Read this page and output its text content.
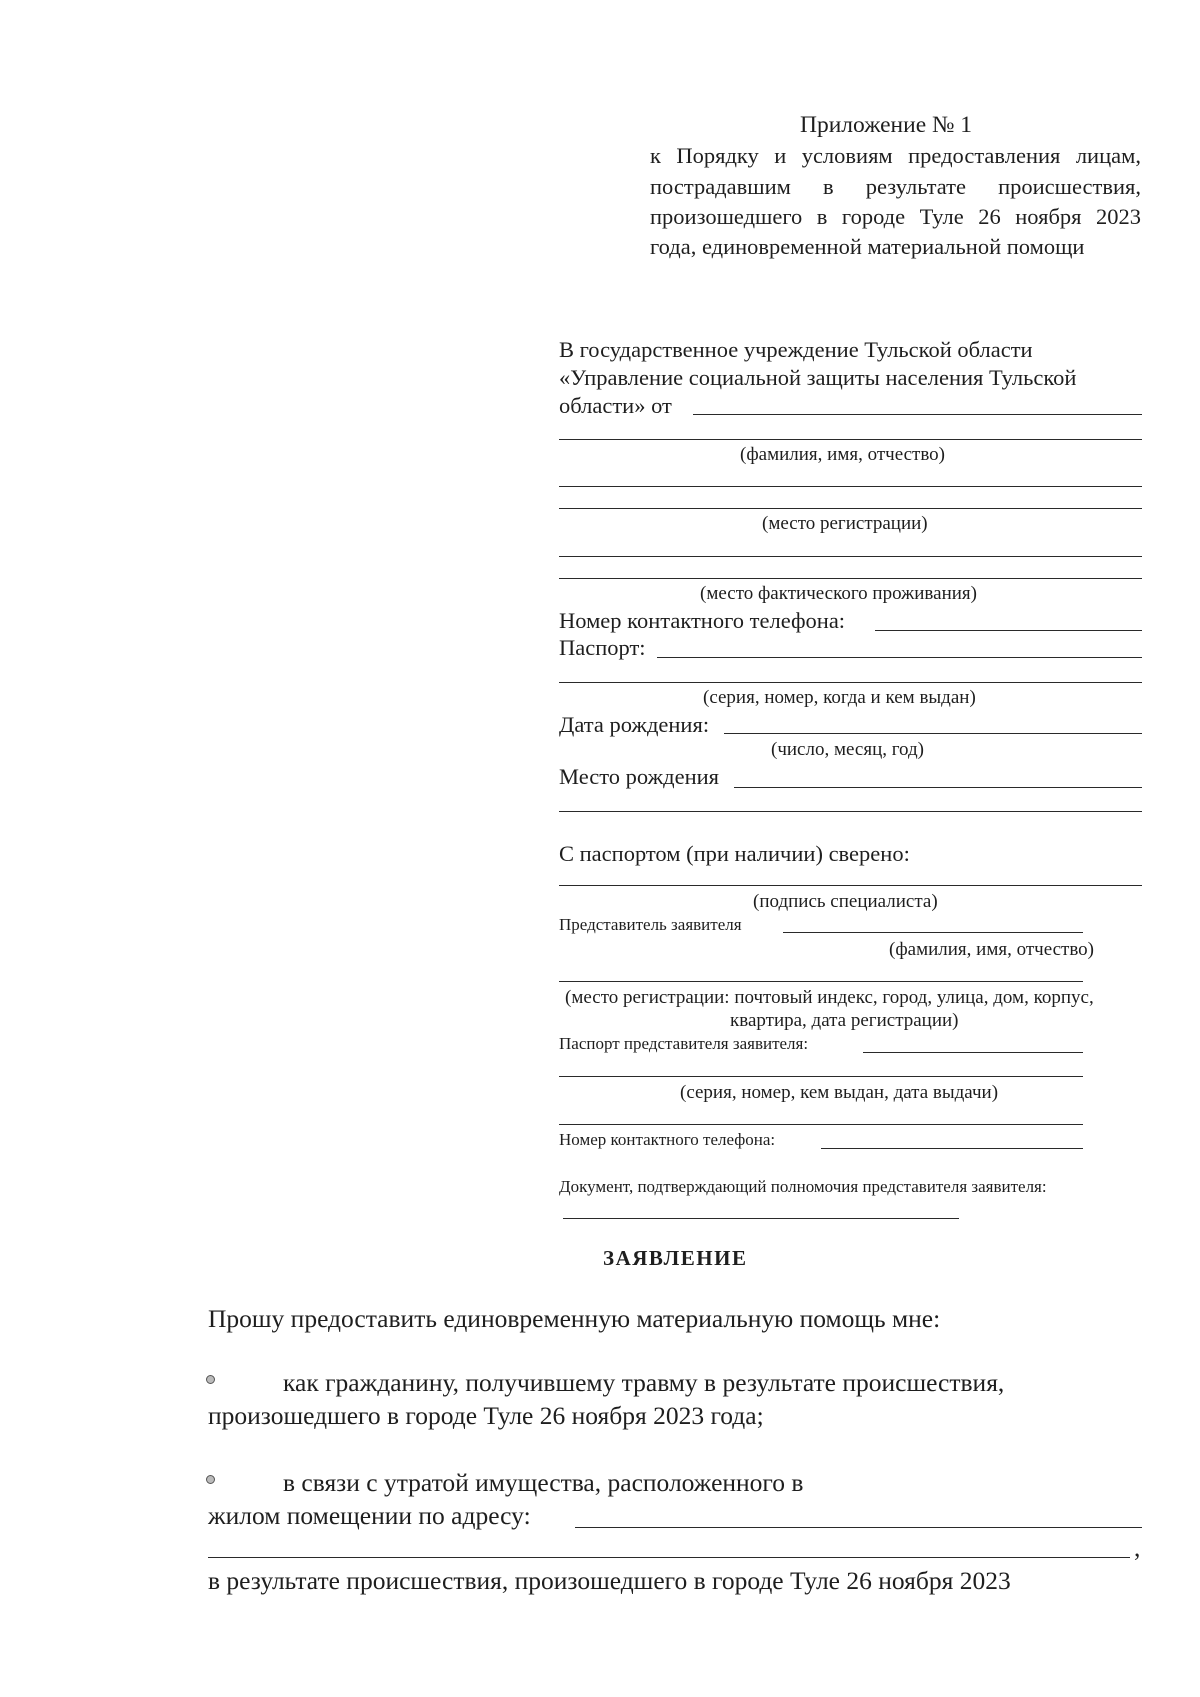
Приложение № 1
к Порядку и условиям предоставления лицам,
пострадавшим в результате происшествия,
произошедшего в городе Туле 26 ноября 2023
года, единовременной материальной помощи
В государственное учреждение Тульской области
«Управление социальной защиты населения Тульской
области» от
(фамилия, имя, отчество)
(место регистрации)
(место фактического проживания)
Номер контактного телефона:
Паспорт:
(серия, номер, когда и кем выдан)
Дата рождения:
(число, месяц, год)
Место рождения
С паспортом (при наличии) сверено:
(подпись специалиста)
Представитель заявителя
(фамилия, имя, отчество)
(место регистрации: почтовый индекс, город, улица, дом, корпус,
квартира, дата регистрации)
Паспорт представителя заявителя:
(серия, номер, кем выдан, дата выдачи)
Номер контактного телефона:
Документ, подтверждающий полномочия представителя заявителя:
ЗАЯВЛЕНИЕ
Прошу предоставить единовременную материальную помощь мне:
как гражданину, получившему травму в результате происшествия,
произошедшего в городе Туле 26 ноября 2023 года;
в связи с утратой имущества, расположенного в
жилом помещении по адресу:
,
в результате происшествия, произошедшего в городе Туле 26 ноября 2023
